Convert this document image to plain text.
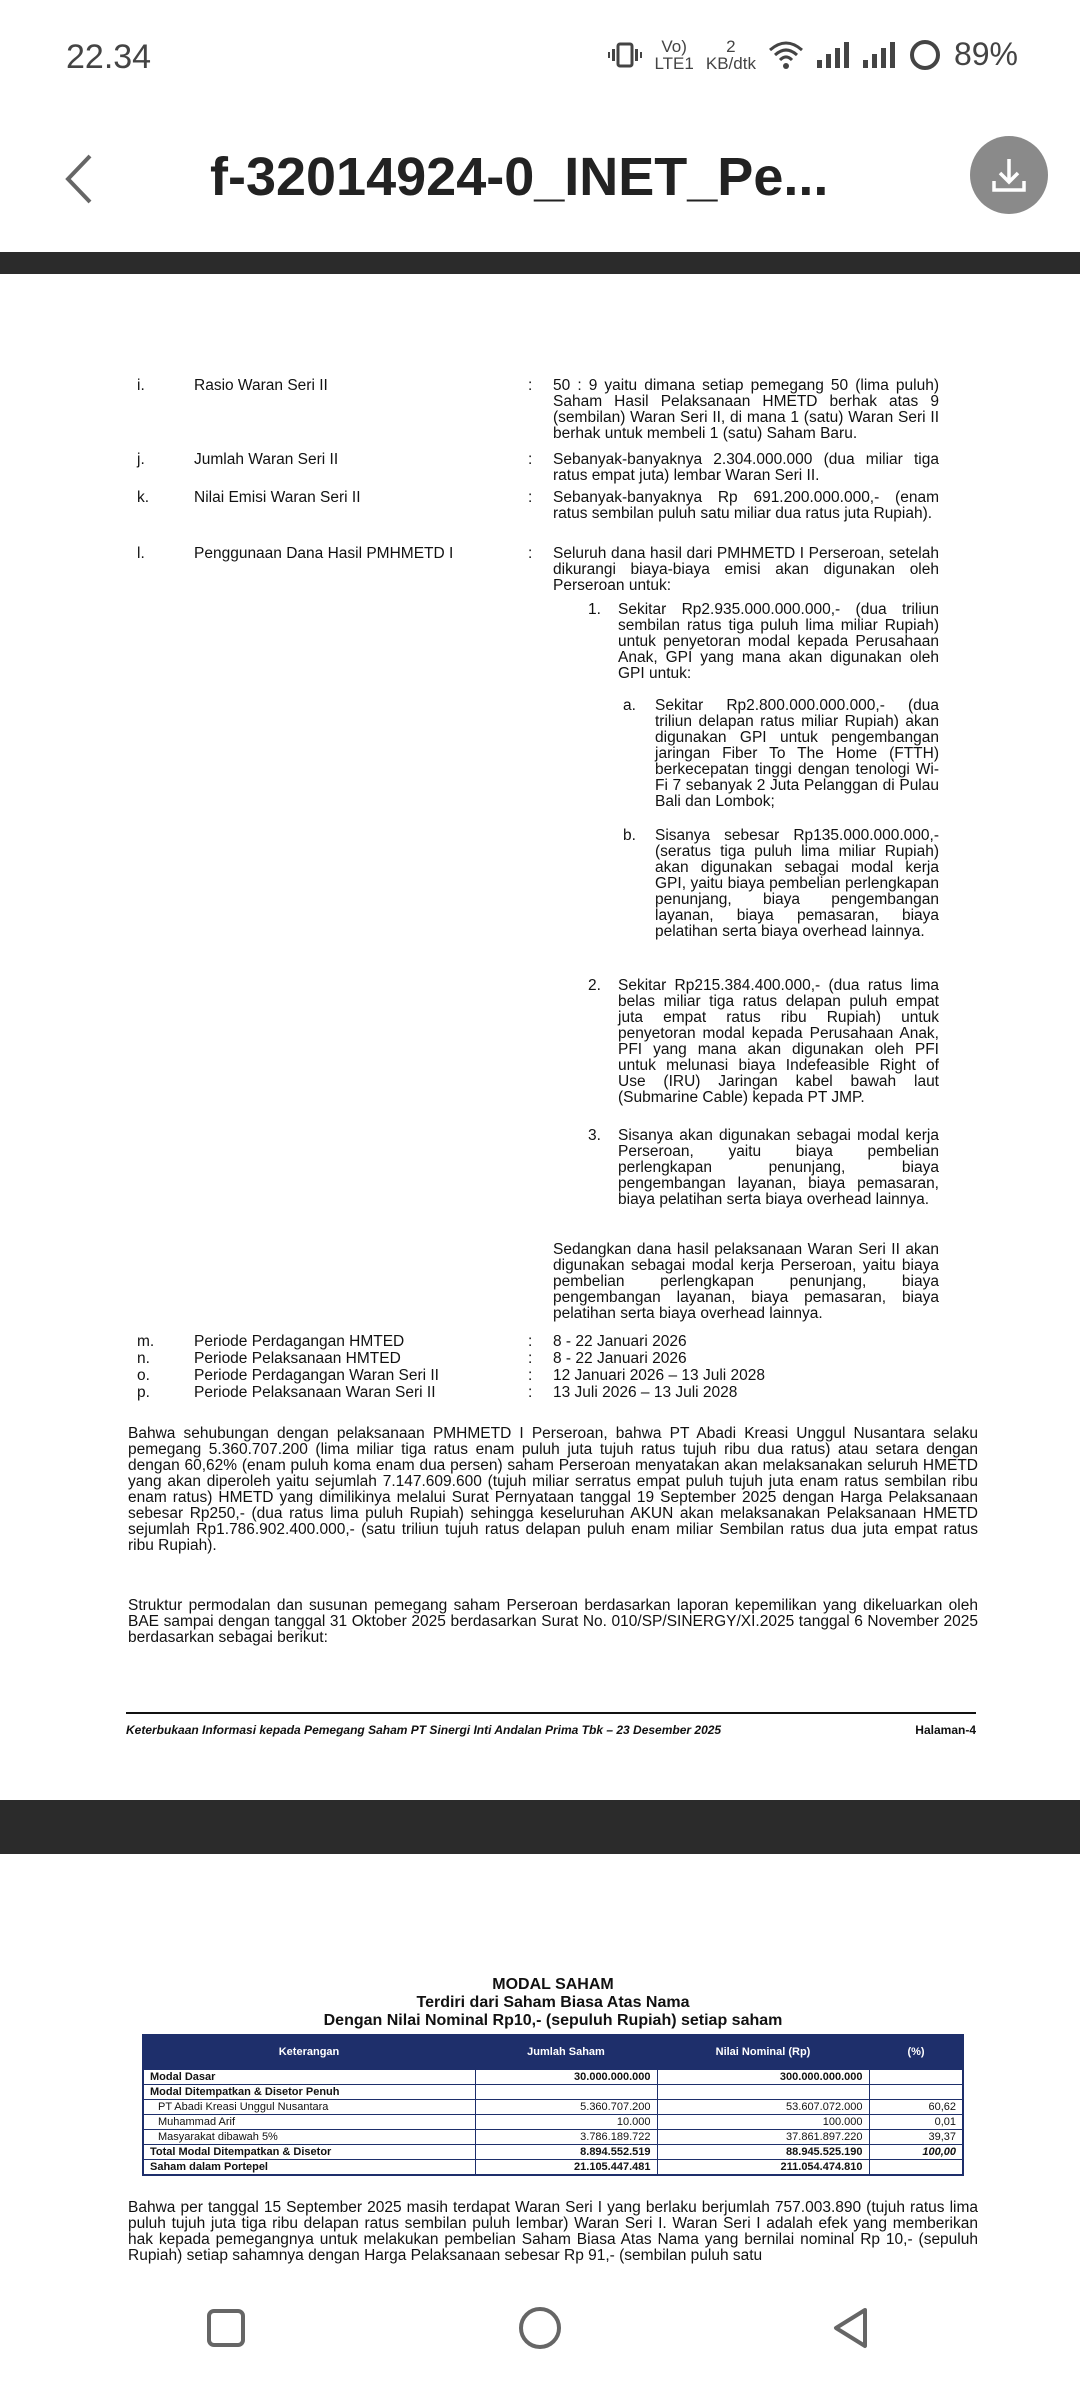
22.34	Vo)
LTE1
2
KB/dtk	89%
f-32014924-0_INET_Pe...
i.	Rasio Waran Seri II	: 50 : 9 yaitu dimana setiap pemegang 50 (lima puluh) Saham Hasil Pelaksanaan HMETD berhak atas 9 (sembilan) Waran Seri II, di mana 1 (satu) Waran Seri II berhak untuk membeli 1 (satu) Saham Baru.
j.	Jumlah Waran Seri II	: Sebanyak-banyaknya 2.304.000.000 (dua miliar tiga ratus empat juta) lembar Waran Seri II.
k.	Nilai Emisi Waran Seri II	: Sebanyak-banyaknya Rp 691.200.000.000,- (enam ratus sembilan puluh satu miliar dua ratus juta Rupiah).
l.	Penggunaan Dana Hasil PMHMETD I	: Seluruh dana hasil dari PMHMETD I Perseroan, setelah dikurangi biaya-biaya emisi akan digunakan oleh Perseroan untuk:
1. Sekitar Rp2.935.000.000.000,- (dua triliun sembilan ratus tiga puluh lima miliar Rupiah) untuk penyetoran modal kepada Perusahaan Anak, GPI yang mana akan digunakan oleh GPI untuk:
a. Sekitar Rp2.800.000.000.000,- (dua triliun delapan ratus miliar Rupiah) akan digunakan GPI untuk pengembangan jaringan Fiber To The Home (FTTH) berkecepatan tinggi dengan tenologi Wi-Fi 7 sebanyak 2 Juta Pelanggan di Pulau Bali dan Lombok;
b. Sisanya sebesar Rp135.000.000.000,- (seratus tiga puluh lima miliar Rupiah) akan digunakan sebagai modal kerja GPI, yaitu biaya pembelian perlengkapan penunjang, biaya pengembangan layanan, biaya pemasaran, biaya pelatihan serta biaya overhead lainnya.
2. Sekitar Rp215.384.400.000,- (dua ratus lima belas miliar tiga ratus delapan puluh empat juta empat ratus ribu Rupiah) untuk penyetoran modal kepada Perusahaan Anak, PFI yang mana akan digunakan oleh PFI untuk melunasi biaya Indefeasible Right of Use (IRU) Jaringan kabel bawah laut (Submarine Cable) kepada PT JMP.
3. Sisanya akan digunakan sebagai modal kerja Perseroan, yaitu biaya pembelian perlengkapan penunjang, biaya pengembangan layanan, biaya pemasaran, biaya pelatihan serta biaya overhead lainnya.
Sedangkan dana hasil pelaksanaan Waran Seri II akan digunakan sebagai modal kerja Perseroan, yaitu biaya pembelian perlengkapan penunjang, biaya pengembangan layanan, biaya pemasaran, biaya pelatihan serta biaya overhead lainnya.
m.	Periode Perdagangan HMTED	: 8 - 22 Januari 2026
n.	Periode Pelaksanaan HMTED	: 8 - 22 Januari 2026
o.	Periode Perdagangan Waran Seri II	: 12 Januari 2026 – 13 Juli 2028
p.	Periode Pelaksanaan Waran Seri II	: 13 Juli 2026 – 13 Juli 2028
Bahwa sehubungan dengan pelaksanaan PMHMETD I Perseroan, bahwa PT Abadi Kreasi Unggul Nusantara selaku pemegang 5.360.707.200 (lima miliar tiga ratus enam puluh juta tujuh ratus tujuh ribu dua ratus) atau setara dengan dengan 60,62% (enam puluh koma enam dua persen) saham Perseroan menyatakan akan melaksanakan seluruh HMETD yang akan diperoleh yaitu sejumlah 7.147.609.600 (tujuh miliar serratus empat puluh tujuh juta enam ratus sembilan ribu enam ratus) HMETD yang dimilikinya melalui Surat Pernyataan tanggal 19 September 2025 dengan Harga Pelaksanaan sebesar Rp250,- (dua ratus lima puluh Rupiah) sehingga keseluruhan AKUN akan melaksanakan Pelaksanaan HMETD sejumlah Rp1.786.902.400.000,- (satu triliun tujuh ratus delapan puluh enam miliar Sembilan ratus dua juta empat ratus ribu Rupiah).
Struktur permodalan dan susunan pemegang saham Perseroan berdasarkan laporan kepemilikan yang dikeluarkan oleh BAE sampai dengan tanggal 31 Oktober 2025 berdasarkan Surat No. 010/SP/SINERGY/XI.2025 tanggal 6 November 2025 berdasarkan sebagai berikut:
Keterbukaan Informasi kepada Pemegang Saham PT Sinergi Inti Andalan Prima Tbk – 23 Desember 2025	Halaman-4
MODAL SAHAM
Terdiri dari Saham Biasa Atas Nama
Dengan Nilai Nominal Rp10,- (sepuluh Rupiah) setiap saham
Keterangan	Jumlah Saham	Nilai Nominal (Rp)	(%)
Modal Dasar	30.000.000.000	300.000.000.000	
Modal Ditempatkan & Disetor Penuh			
PT Abadi Kreasi Unggul Nusantara	5.360.707.200	53.607.072.000	60,62
Muhammad Arif	10.000	100.000	0,01
Masyarakat dibawah 5%	3.786.189.722	37.861.897.220	39,37
Total Modal Ditempatkan & Disetor	8.894.552.519	88.945.525.190	100,00
Saham dalam Portepel	21.105.447.481	211.054.474.810	
Bahwa per tanggal 15 September 2025 masih terdapat Waran Seri I yang berlaku berjumlah 757.003.890 (tujuh ratus lima puluh tujuh juta tiga ribu delapan ratus sembilan puluh lembar) Waran Seri I. Waran Seri I adalah efek yang memberikan hak kepada pemegangnya untuk melakukan pembelian Saham Biasa Atas Nama yang bernilai nominal Rp 10,- (sepuluh Rupiah) setiap sahamnya dengan Harga Pelaksanaan sebesar Rp 91,- (sembilan puluh satu
